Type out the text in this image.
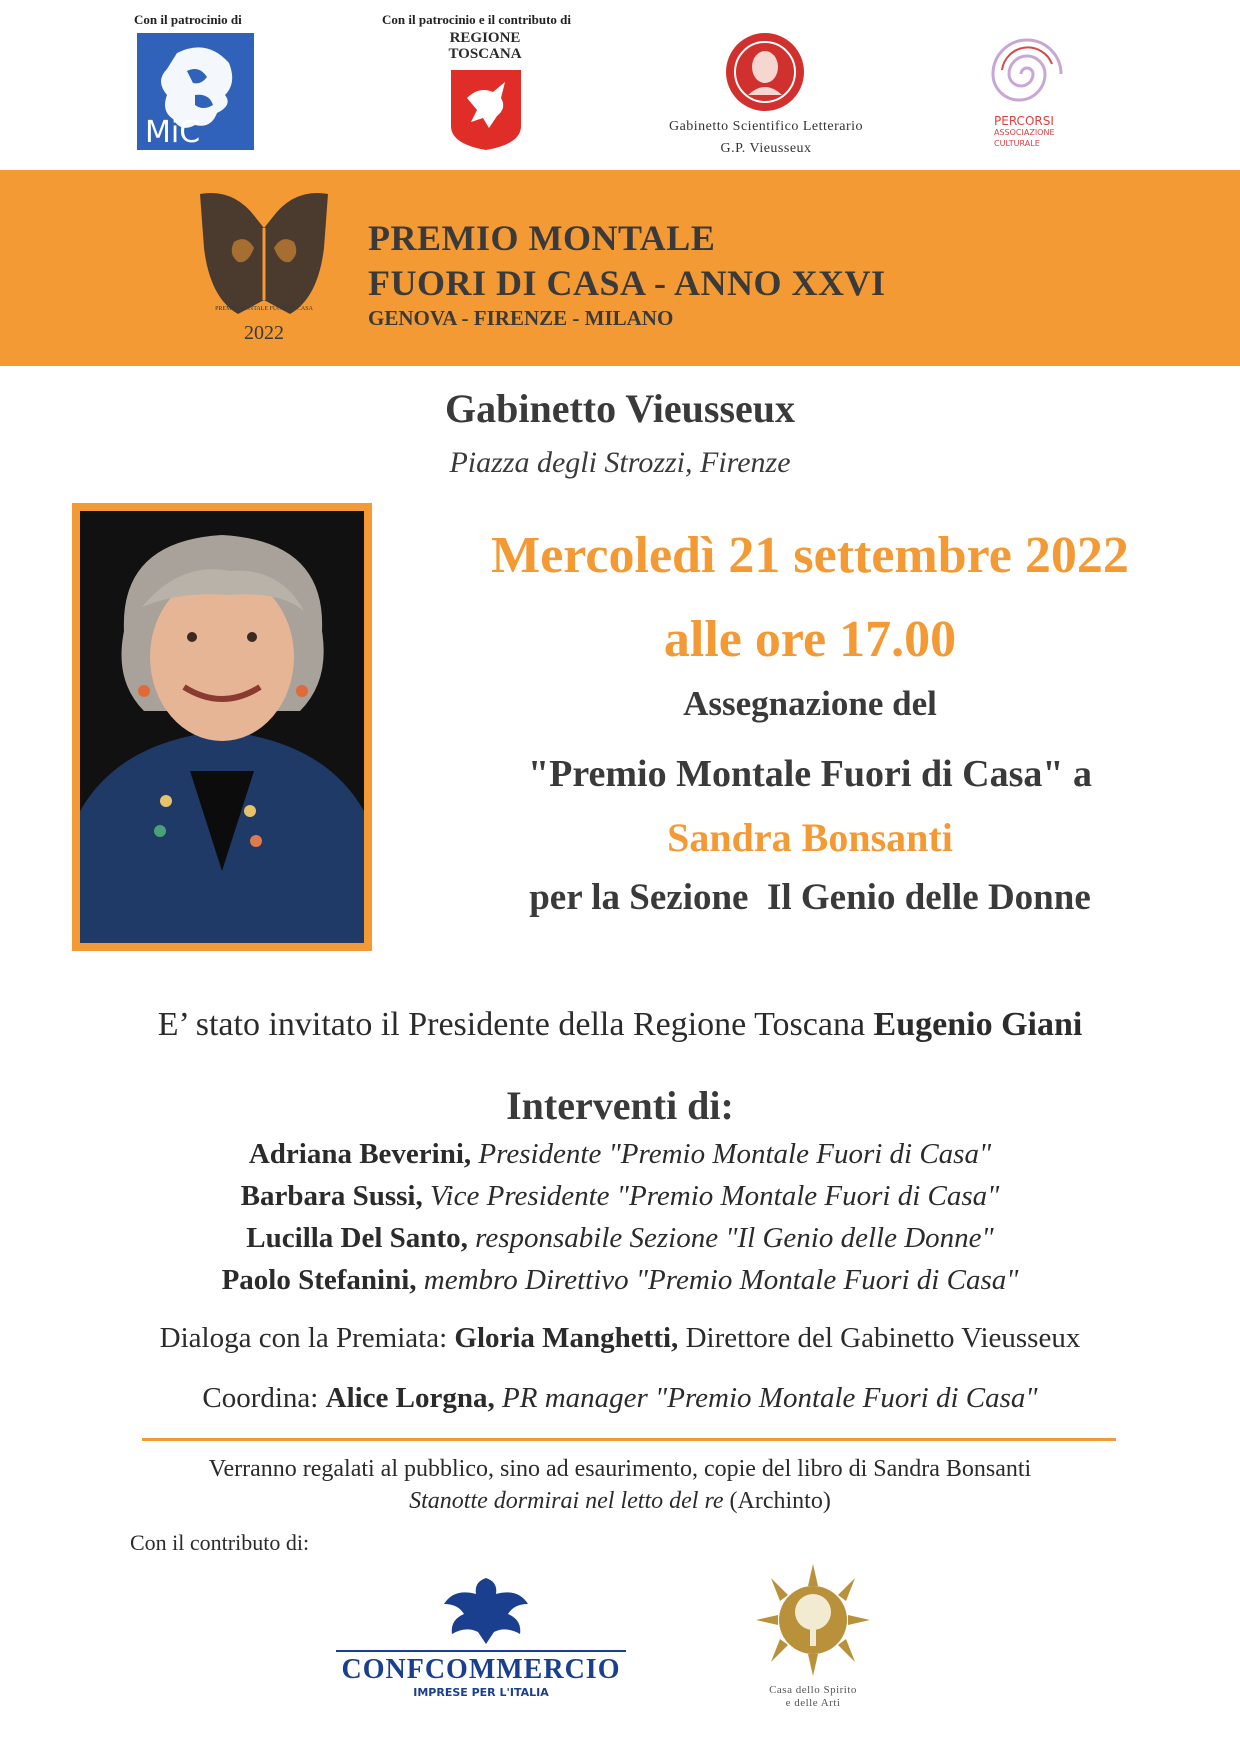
Con il patrocinio di
MiC
Con il patrocinio e il contributo di
REGIONE
TOSCANA
Gabinetto Scientifico Letterario
G.P. Vieusseux
PERCORSI
ASSOCIAZIONE
CULTURALE
PREMIO MONTALE FUORI DI CASA
2022
PREMIO MONTALE
FUORI DI CASA - ANNO XXVI
GENOVA - FIRENZE - MILANO
Gabinetto Vieusseux
Piazza degli Strozzi, Firenze
Mercoledì 21 settembre 2022
alle ore 17.00
Assegnazione del
"Premio Montale Fuori di Casa" a
Sandra Bonsanti
per la Sezione  Il Genio delle Donne
E’ stato invitato il Presidente della Regione Toscana Eugenio Giani
Interventi di:
Adriana Beverini, Presidente "Premio Montale Fuori di Casa"
Barbara Sussi, Vice Presidente "Premio Montale Fuori di Casa"
Lucilla Del Santo, responsabile Sezione "Il Genio delle Donne"
Paolo Stefanini, membro Direttivo "Premio Montale Fuori di Casa"
Dialoga con la Premiata: Gloria Manghetti, Direttore del Gabinetto Vieusseux
Coordina: Alice Lorgna, PR manager "Premio Montale Fuori di Casa"
Verranno regalati al pubblico, sino ad esaurimento, copie del libro di Sandra Bonsanti
Stanotte dormirai nel letto del re (Archinto)
Con il contributo di:
CONFCOMMERCIO
IMPRESE PER L'ITALIA	Casa dello Spirito
e delle Arti
